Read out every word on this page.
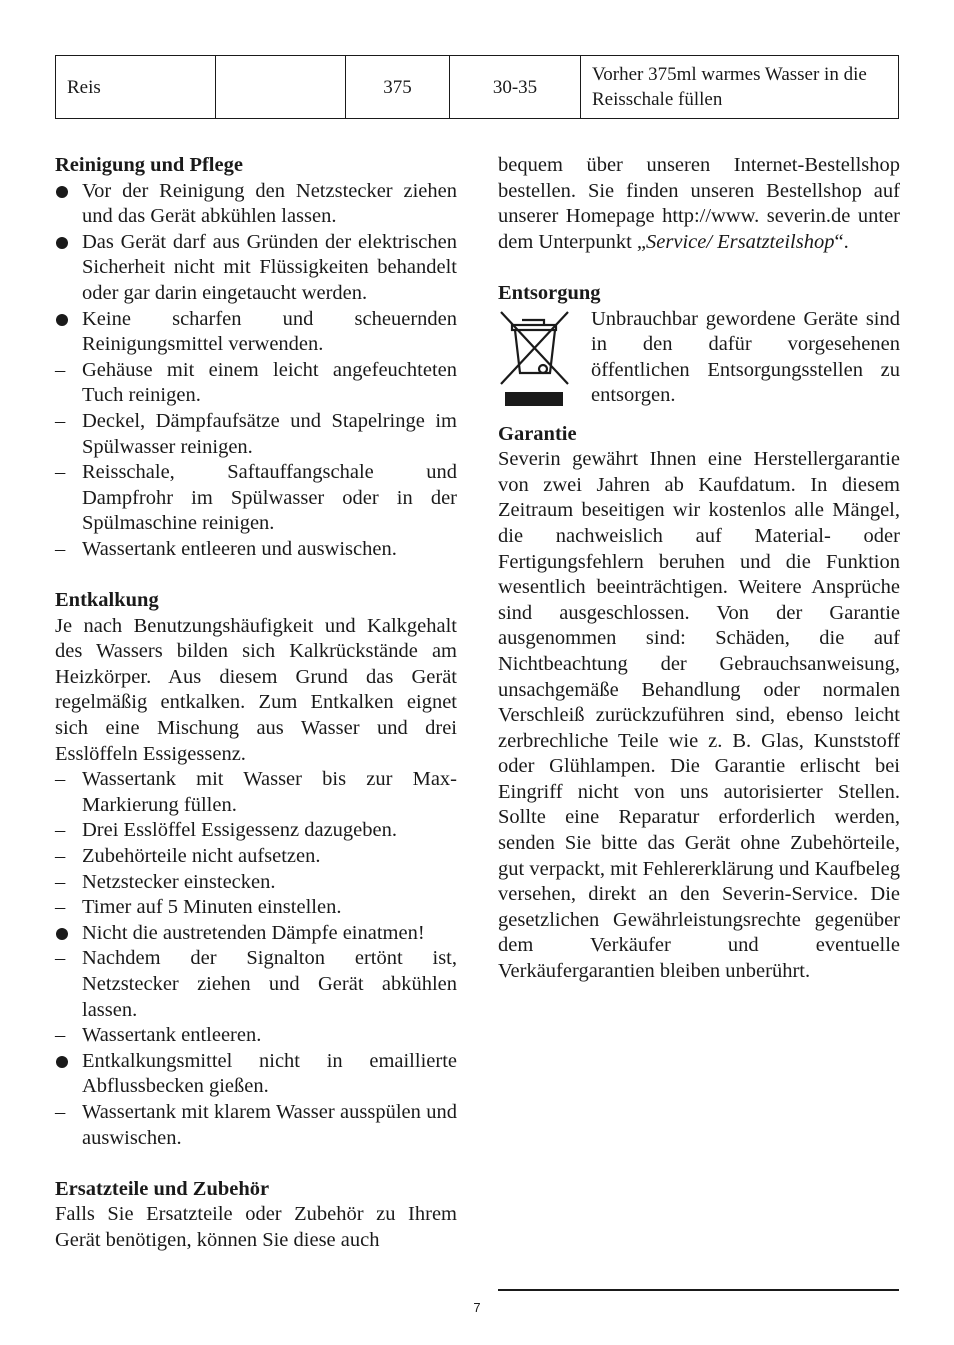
Reis		375	30-35	Vorher 375ml warmes Wasser in die Reisschale füllen
Reinigung und Pflege
Vor der Reinigung den Netzstecker ziehen und das Gerät abkühlen lassen.
Das Gerät darf aus Gründen der elektrischen Sicherheit nicht mit Flüssigkeiten behandelt oder gar darin eingetaucht werden.
Keine scharfen und scheuernden Reinigungsmittel verwenden.
– Gehäuse mit einem leicht angefeuchteten Tuch reinigen.
– Deckel, Dämpfaufsätze und Stapelringe im Spülwasser reinigen.
– Reisschale, Saftauffangschale und Dampfrohr im Spülwasser oder in der Spülmaschine reinigen.
– Wassertank entleeren und auswischen.
Entkalkung
Je nach Benutzungshäufigkeit und Kalkgehalt des Wassers bilden sich Kalkrückstände am Heizkörper. Aus diesem Grund das Gerät regelmäßig entkalken. Zum Entkalken eignet sich eine Mischung aus Wasser und drei Esslöffeln Essigessenz.
– Wassertank mit Wasser bis zur Max-Markierung füllen.
– Drei Esslöffel Essigessenz dazugeben.
– Zubehörteile nicht aufsetzen.
– Netzstecker einstecken.
– Timer auf 5 Minuten einstellen.
Nicht die austretenden Dämpfe einatmen!
– Nachdem der Signalton ertönt ist, Netzstecker ziehen und Gerät abkühlen lassen.
– Wassertank entleeren.
Entkalkungsmittel nicht in emaillierte Abflussbecken gießen.
– Wassertank mit klarem Wasser ausspülen und auswischen.
Ersatzteile und Zubehör
Falls Sie Ersatzteile oder Zubehör zu Ihrem Gerät benötigen, können Sie diese auch
bequem über unseren Internet-Bestellshop bestellen. Sie finden unseren Bestellshop auf unserer Homepage http://www. severin.de unter dem Unterpunkt „Service/ Ersatzteilshop“.
Entsorgung
Unbrauchbar gewordene Geräte sind in den dafür vorgesehenen öffentlichen Entsorgungsstellen zu entsorgen.
Garantie
Severin gewährt Ihnen eine Herstellergarantie von zwei Jahren ab Kaufdatum. In diesem Zeitraum beseitigen wir kostenlos alle Mängel, die nachweislich auf Material- oder Fertigungsfehlern beruhen und die Funktion wesentlich beeinträchtigen. Weitere Ansprüche sind ausgeschlossen. Von der Garantie ausgenommen sind: Schäden, die auf Nichtbeachtung der Gebrauchsanweisung, unsachgemäße Behandlung oder normalen Verschleiß zurückzuführen sind, ebenso leicht zerbrechliche Teile wie z. B. Glas, Kunststoff oder Glühlampen. Die Garantie erlischt bei Eingriff nicht von uns autorisierter Stellen. Sollte eine Reparatur erforderlich werden, senden Sie bitte das Gerät ohne Zubehörteile, gut verpackt, mit Fehlererklärung und Kaufbeleg versehen, direkt an den Severin-Service. Die gesetzlichen Gewährleistungsrechte gegenüber dem Verkäufer und eventuelle Verkäufergarantien bleiben unberührt.
7
